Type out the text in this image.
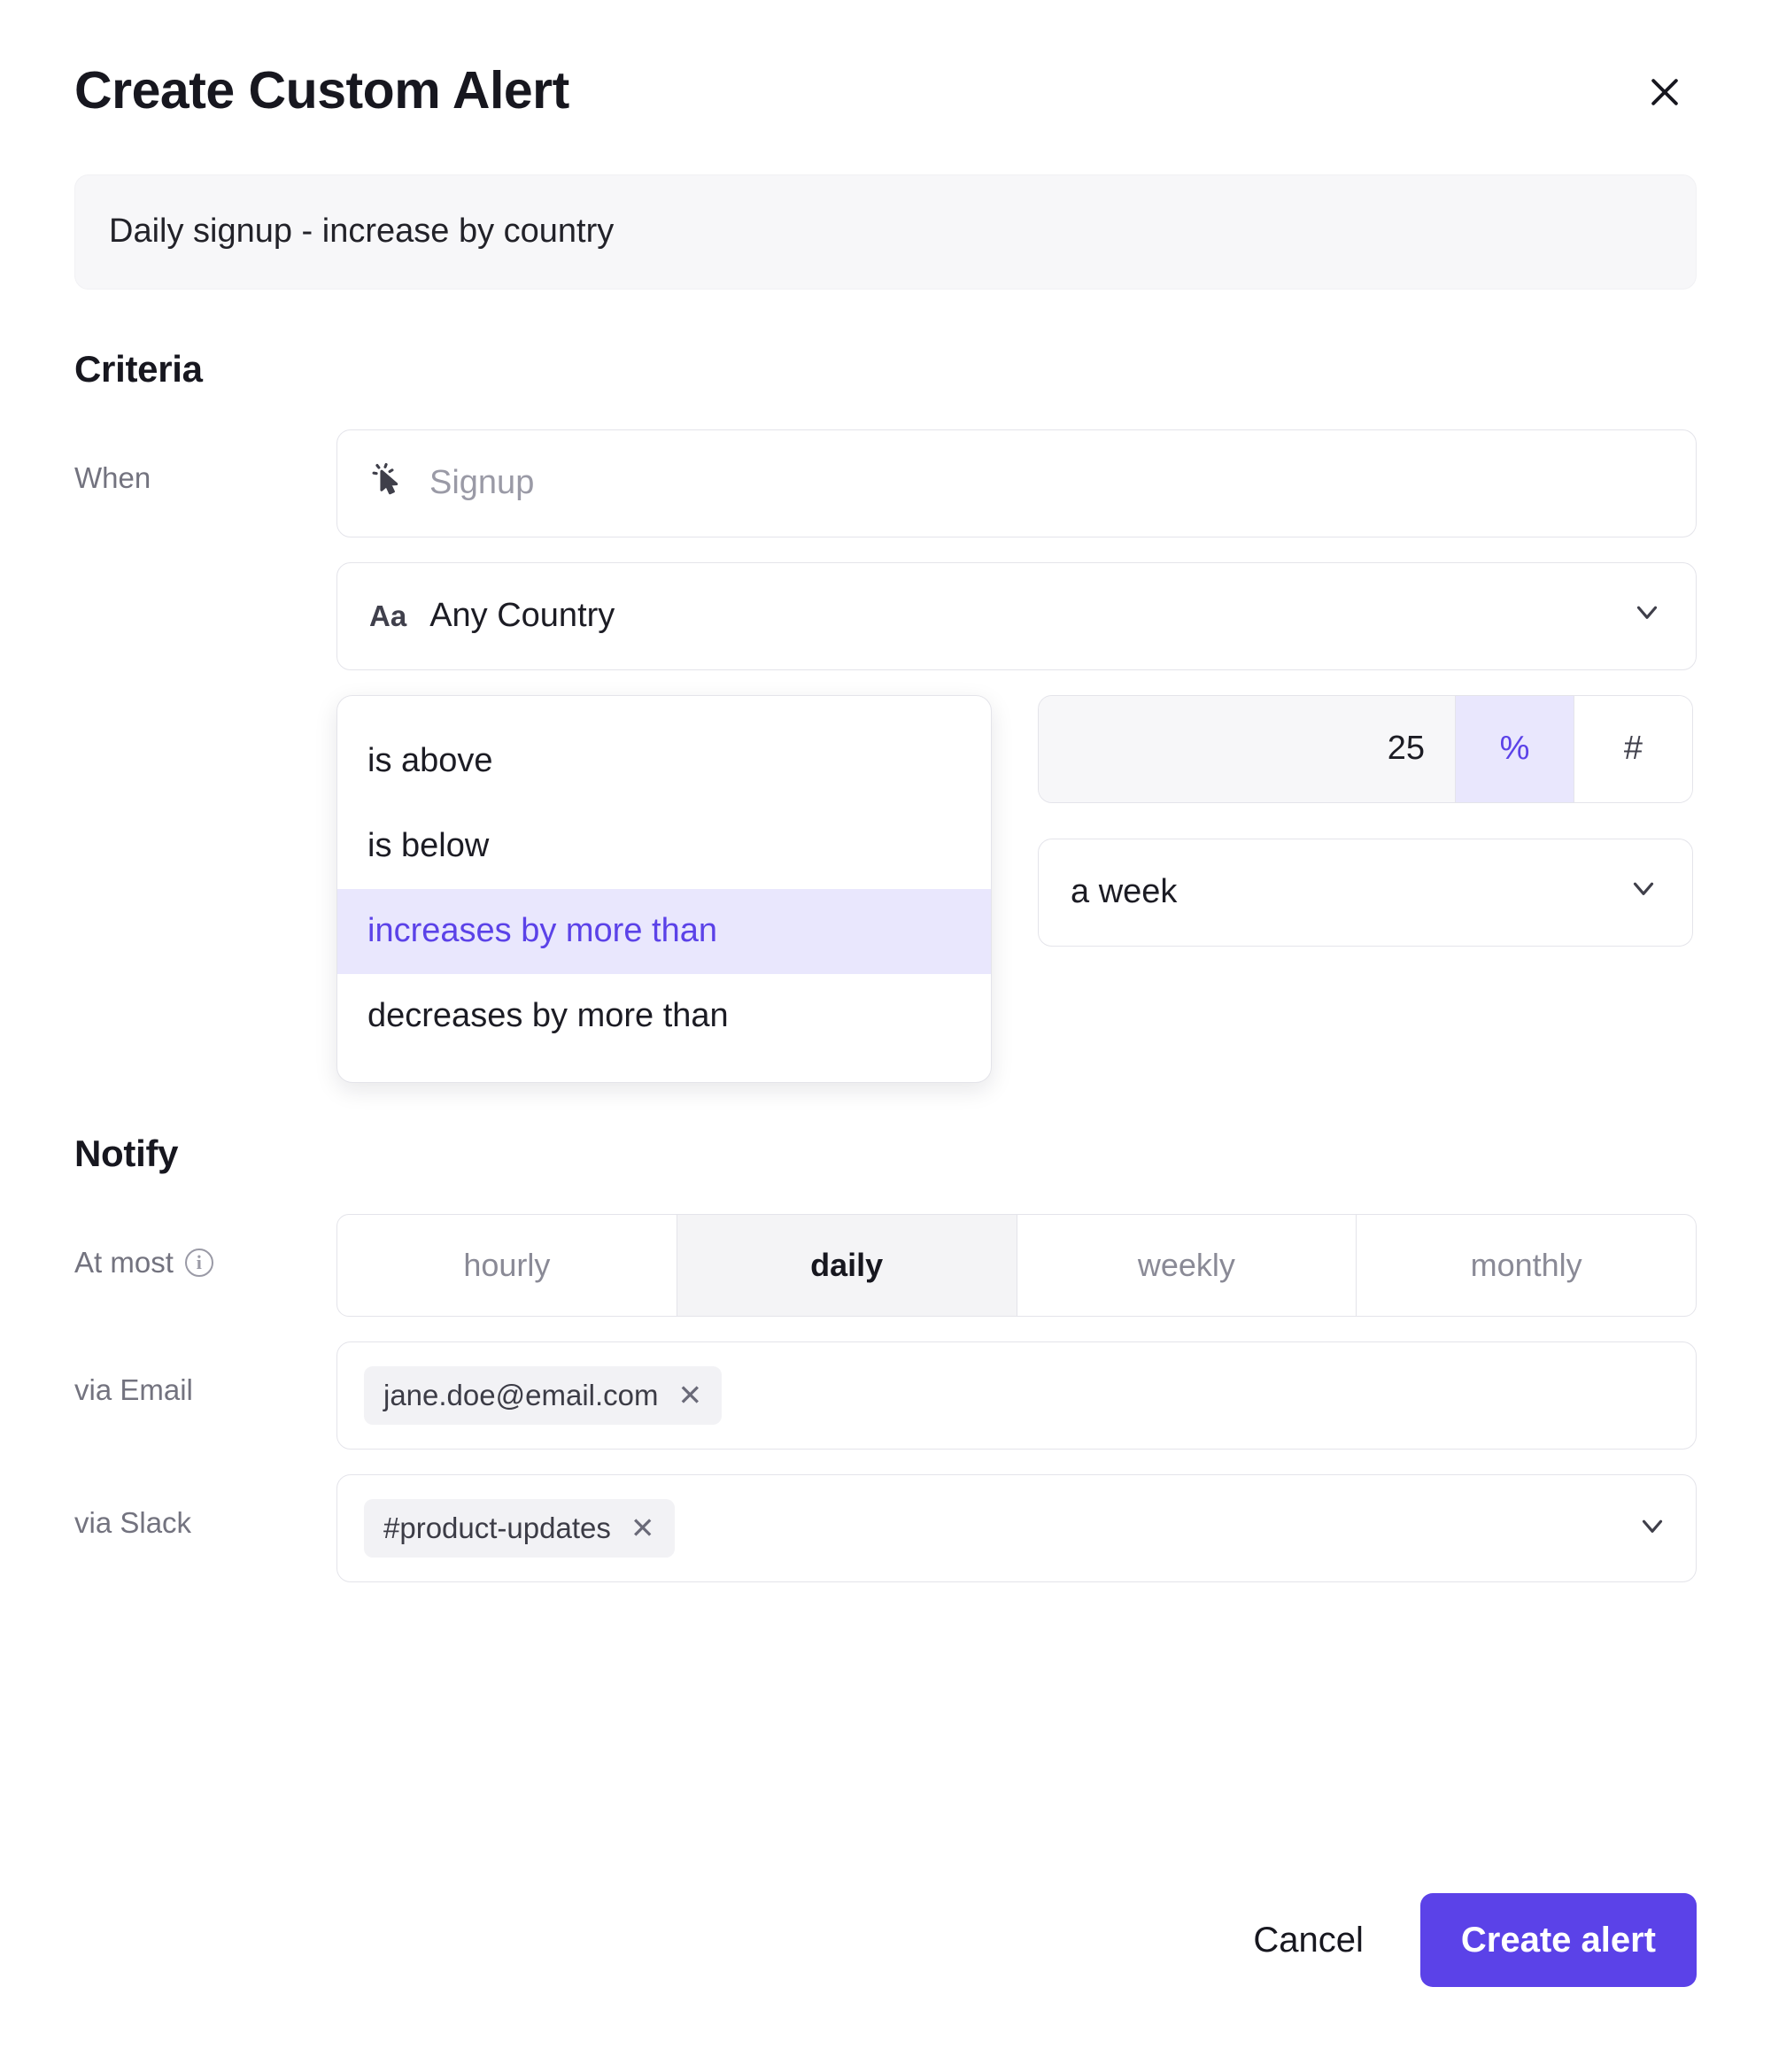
Create Custom Alert
Daily signup - increase by country
Criteria
When	Signup
Aa Any Country
is above
is below
increases by more than
decreases by more than
25	%	#
a week
Notify
At most	i	hourly	daily	weekly	monthly
via Email	jane.doe@email.com ✕
via Slack	#product-updates ✕
Cancel	Create alert
